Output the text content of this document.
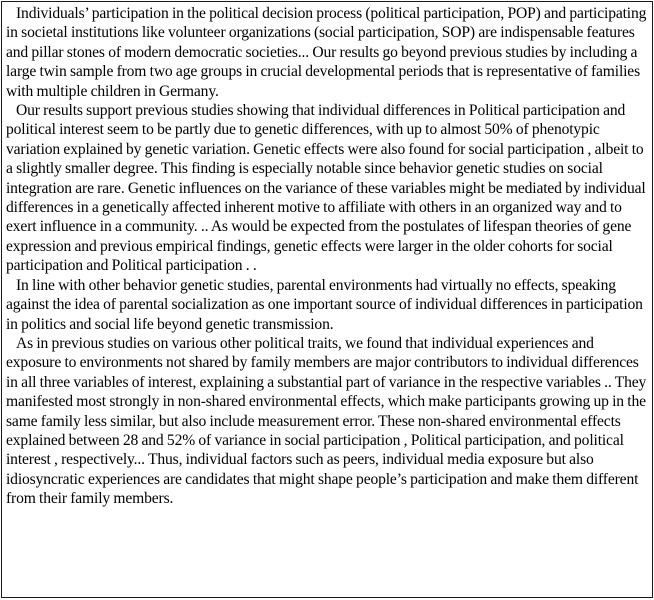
Individuals’ participation in the political decision process (political participation, POP) and participating in societal institutions like volunteer organizations (social participation, SOP) are indispensable features and pillar stones of modern democratic societies... Our results go beyond previous studies by including a large twin sample from two age groups in crucial developmental periods that is representative of families with multiple children in Germany.

Our results support previous studies showing that individual differences in Political participation and political interest seem to be partly due to genetic differences, with up to almost 50% of phenotypic variation explained by genetic variation. Genetic effects were also found for social participation , albeit to a slightly smaller degree. This finding is especially notable since behavior genetic studies on social integration are rare. Genetic influences on the variance of these variables might be mediated by individual differences in a genetically affected inherent motive to affiliate with others in an organized way and to exert influence in a community. .. As would be expected from the postulates of lifespan theories of gene expression and previous empirical findings, genetic effects were larger in the older cohorts for social participation and Political participation . .

In line with other behavior genetic studies, parental environments had virtually no effects, speaking against the idea of parental socialization as one important source of individual differences in participation in politics and social life beyond genetic transmission.

As in previous studies on various other political traits, we found that individual experiences and exposure to environments not shared by family members are major contributors to individual differences in all three variables of interest, explaining a substantial part of variance in the respective variables .. They manifested most strongly in non-shared environmental effects, which make participants growing up in the same family less similar, but also include measurement error. These non-shared environmental effects explained between 28 and 52% of variance in social participation , Political participation, and political interest , respectively... Thus, individual factors such as peers, individual media exposure but also idiosyncratic experiences are candidates that might shape people’s participation and make them different from their family members.
